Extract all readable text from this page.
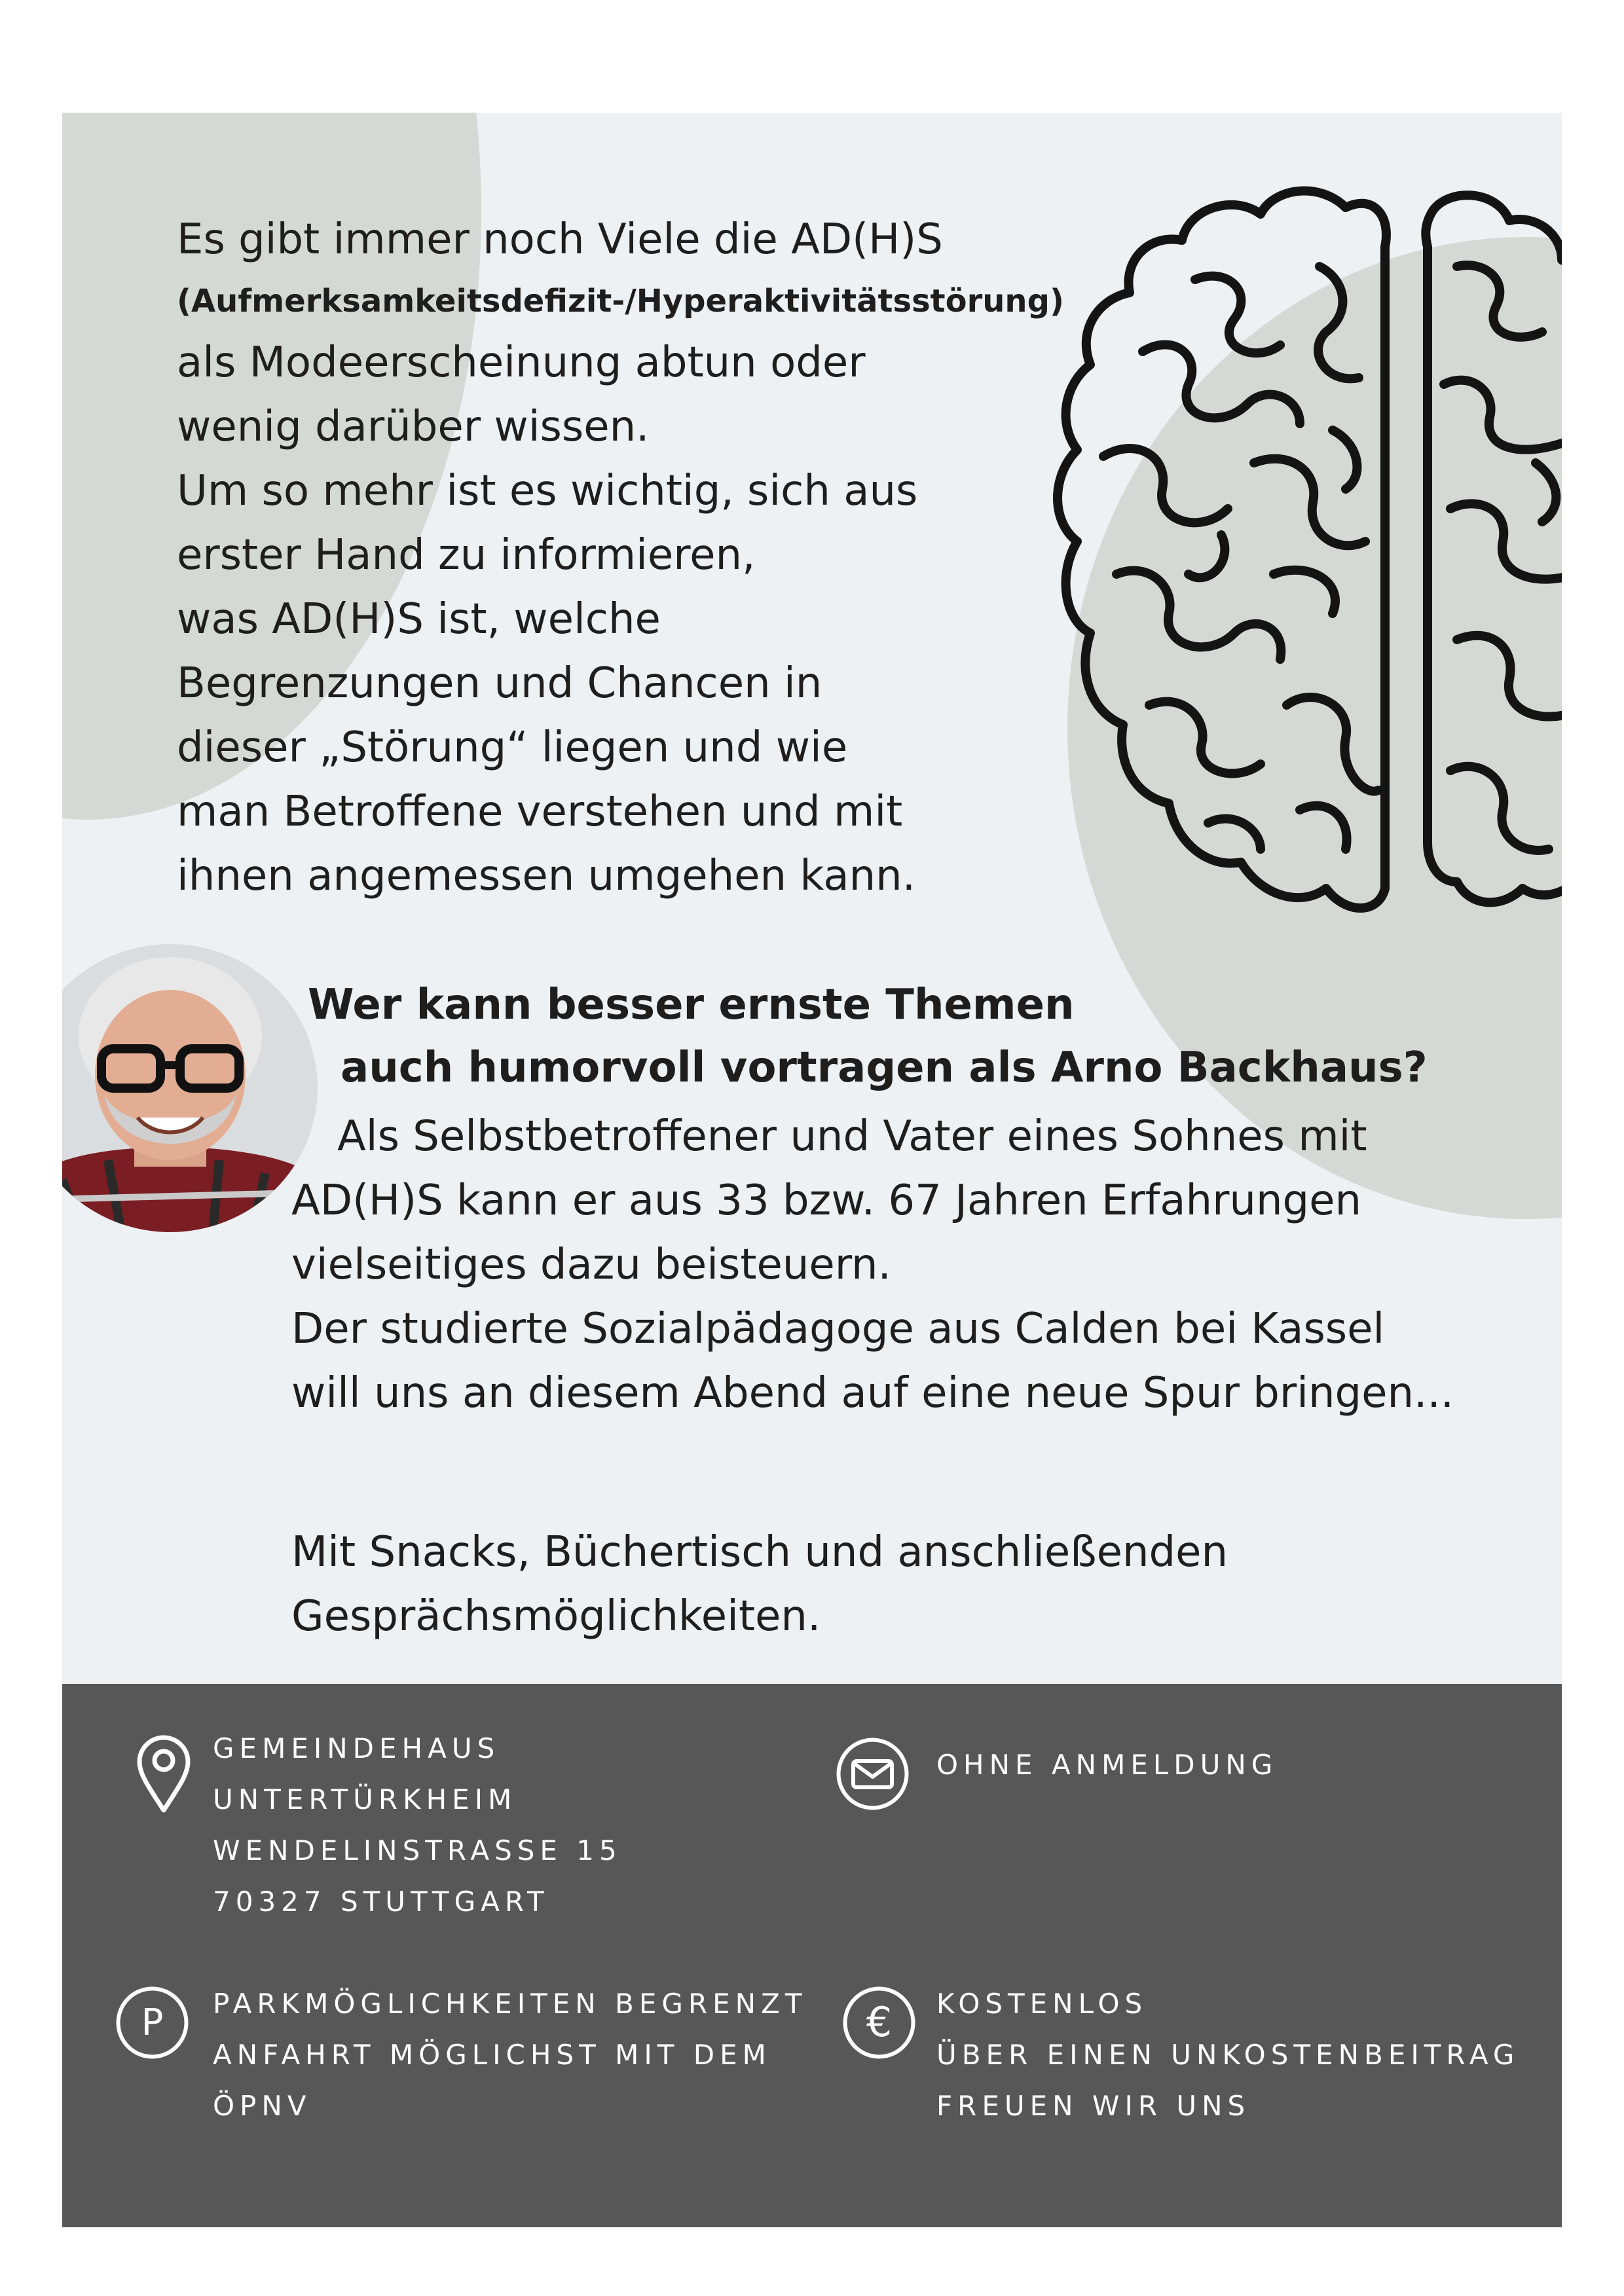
Es gibt immer noch Viele die AD(H)S
(Aufmerksamkeitsdefizit-/Hyperaktivitätsstörung)
als Modeerscheinung abtun oder
wenig darüber wissen.
Um so mehr ist es wichtig, sich aus
erster Hand zu informieren,
was AD(H)S ist, welche
Begrenzungen und Chancen in
dieser „Störung“ liegen und wie
man Betroffene verstehen und mit
ihnen angemessen umgehen kann.

Wer kann besser ernste Themen
auch humorvoll vortragen als Arno Backhaus?

Als Selbstbetroffener und Vater eines Sohnes mit
AD(H)S kann er aus 33 bzw. 67 Jahren Erfahrungen
vielseitiges dazu beisteuern.
Der studierte Sozialpädagoge aus Calden bei Kassel
will uns an diesem Abend auf eine neue Spur bringen...

Mit Snacks, Büchertisch und anschließenden
Gesprächsmöglichkeiten.

GEMEINDEHAUS
UNTERTÜRKHEIM
WENDELINSTRASSE 15
70327 STUTTGART
OHNE ANMELDUNG
P PARKMÖGLICHKEITEN BEGRENZT
ANFAHRT MÖGLICHST MIT DEM
ÖPNV
€ KOSTENLOS
ÜBER EINEN UNKOSTENBEITRAG
FREUEN WIR UNS
